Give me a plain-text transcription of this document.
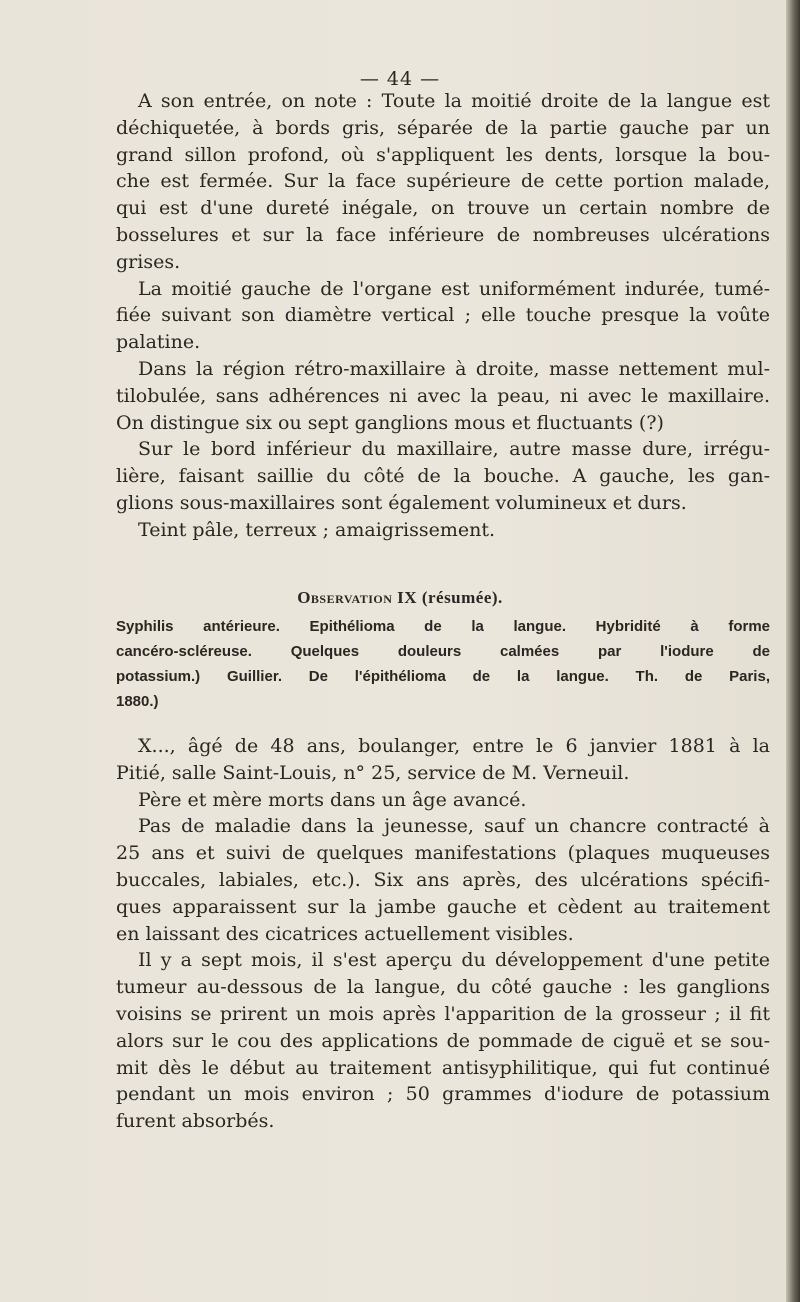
— 44 —

A son entrée, on note : Toute la moitié droite de la langue est

déchiquetée, à bords gris, séparée de la partie gauche par un

grand sillon profond, où s'appliquent les dents, lorsque la bou-

che est fermée. Sur la face supérieure de cette portion malade,

qui est d'une dureté inégale, on trouve un certain nombre de

bosselures et sur la face inférieure de nombreuses ulcérations

grises.

La moitié gauche de l'organe est uniformément indurée, tumé-

fiée suivant son diamètre vertical ; elle touche presque la voûte

palatine.

Dans la région rétro-maxillaire à droite, masse nettement mul-

tilobulée, sans adhérences ni avec la peau, ni avec le maxillaire.

On distingue six ou sept ganglions mous et fluctuants (?)

Sur le bord inférieur du maxillaire, autre masse dure, irrégu-

lière, faisant saillie du côté de la bouche. A gauche, les gan-

glions sous-maxillaires sont également volumineux et durs.

Teint pâle, terreux ; amaigrissement.

Observation IX (résumée).

Syphilis antérieure. Epithélioma de la langue. Hybridité à forme

cancéro-scléreuse. Quelques douleurs calmées par l'iodure de

potassium.) Guillier. De l'épithélioma de la langue. Th. de Paris,

1880.)

X..., âgé de 48 ans, boulanger, entre le 6 janvier 1881 à la

Pitié, salle Saint-Louis, n° 25, service de M. Verneuil.

Père et mère morts dans un âge avancé.

Pas de maladie dans la jeunesse, sauf un chancre contracté à

25 ans et suivi de quelques manifestations (plaques muqueuses

buccales, labiales, etc.). Six ans après, des ulcérations spécifi-

ques apparaissent sur la jambe gauche et cèdent au traitement

en laissant des cicatrices actuellement visibles.

Il y a sept mois, il s'est aperçu du développement d'une petite

tumeur au-dessous de la langue, du côté gauche : les ganglions

voisins se prirent un mois après l'apparition de la grosseur ; il fit

alors sur le cou des applications de pommade de ciguë et se sou-

mit dès le début au traitement antisyphilitique, qui fut continué

pendant un mois environ ; 50 grammes d'iodure de potassium

furent absorbés.
